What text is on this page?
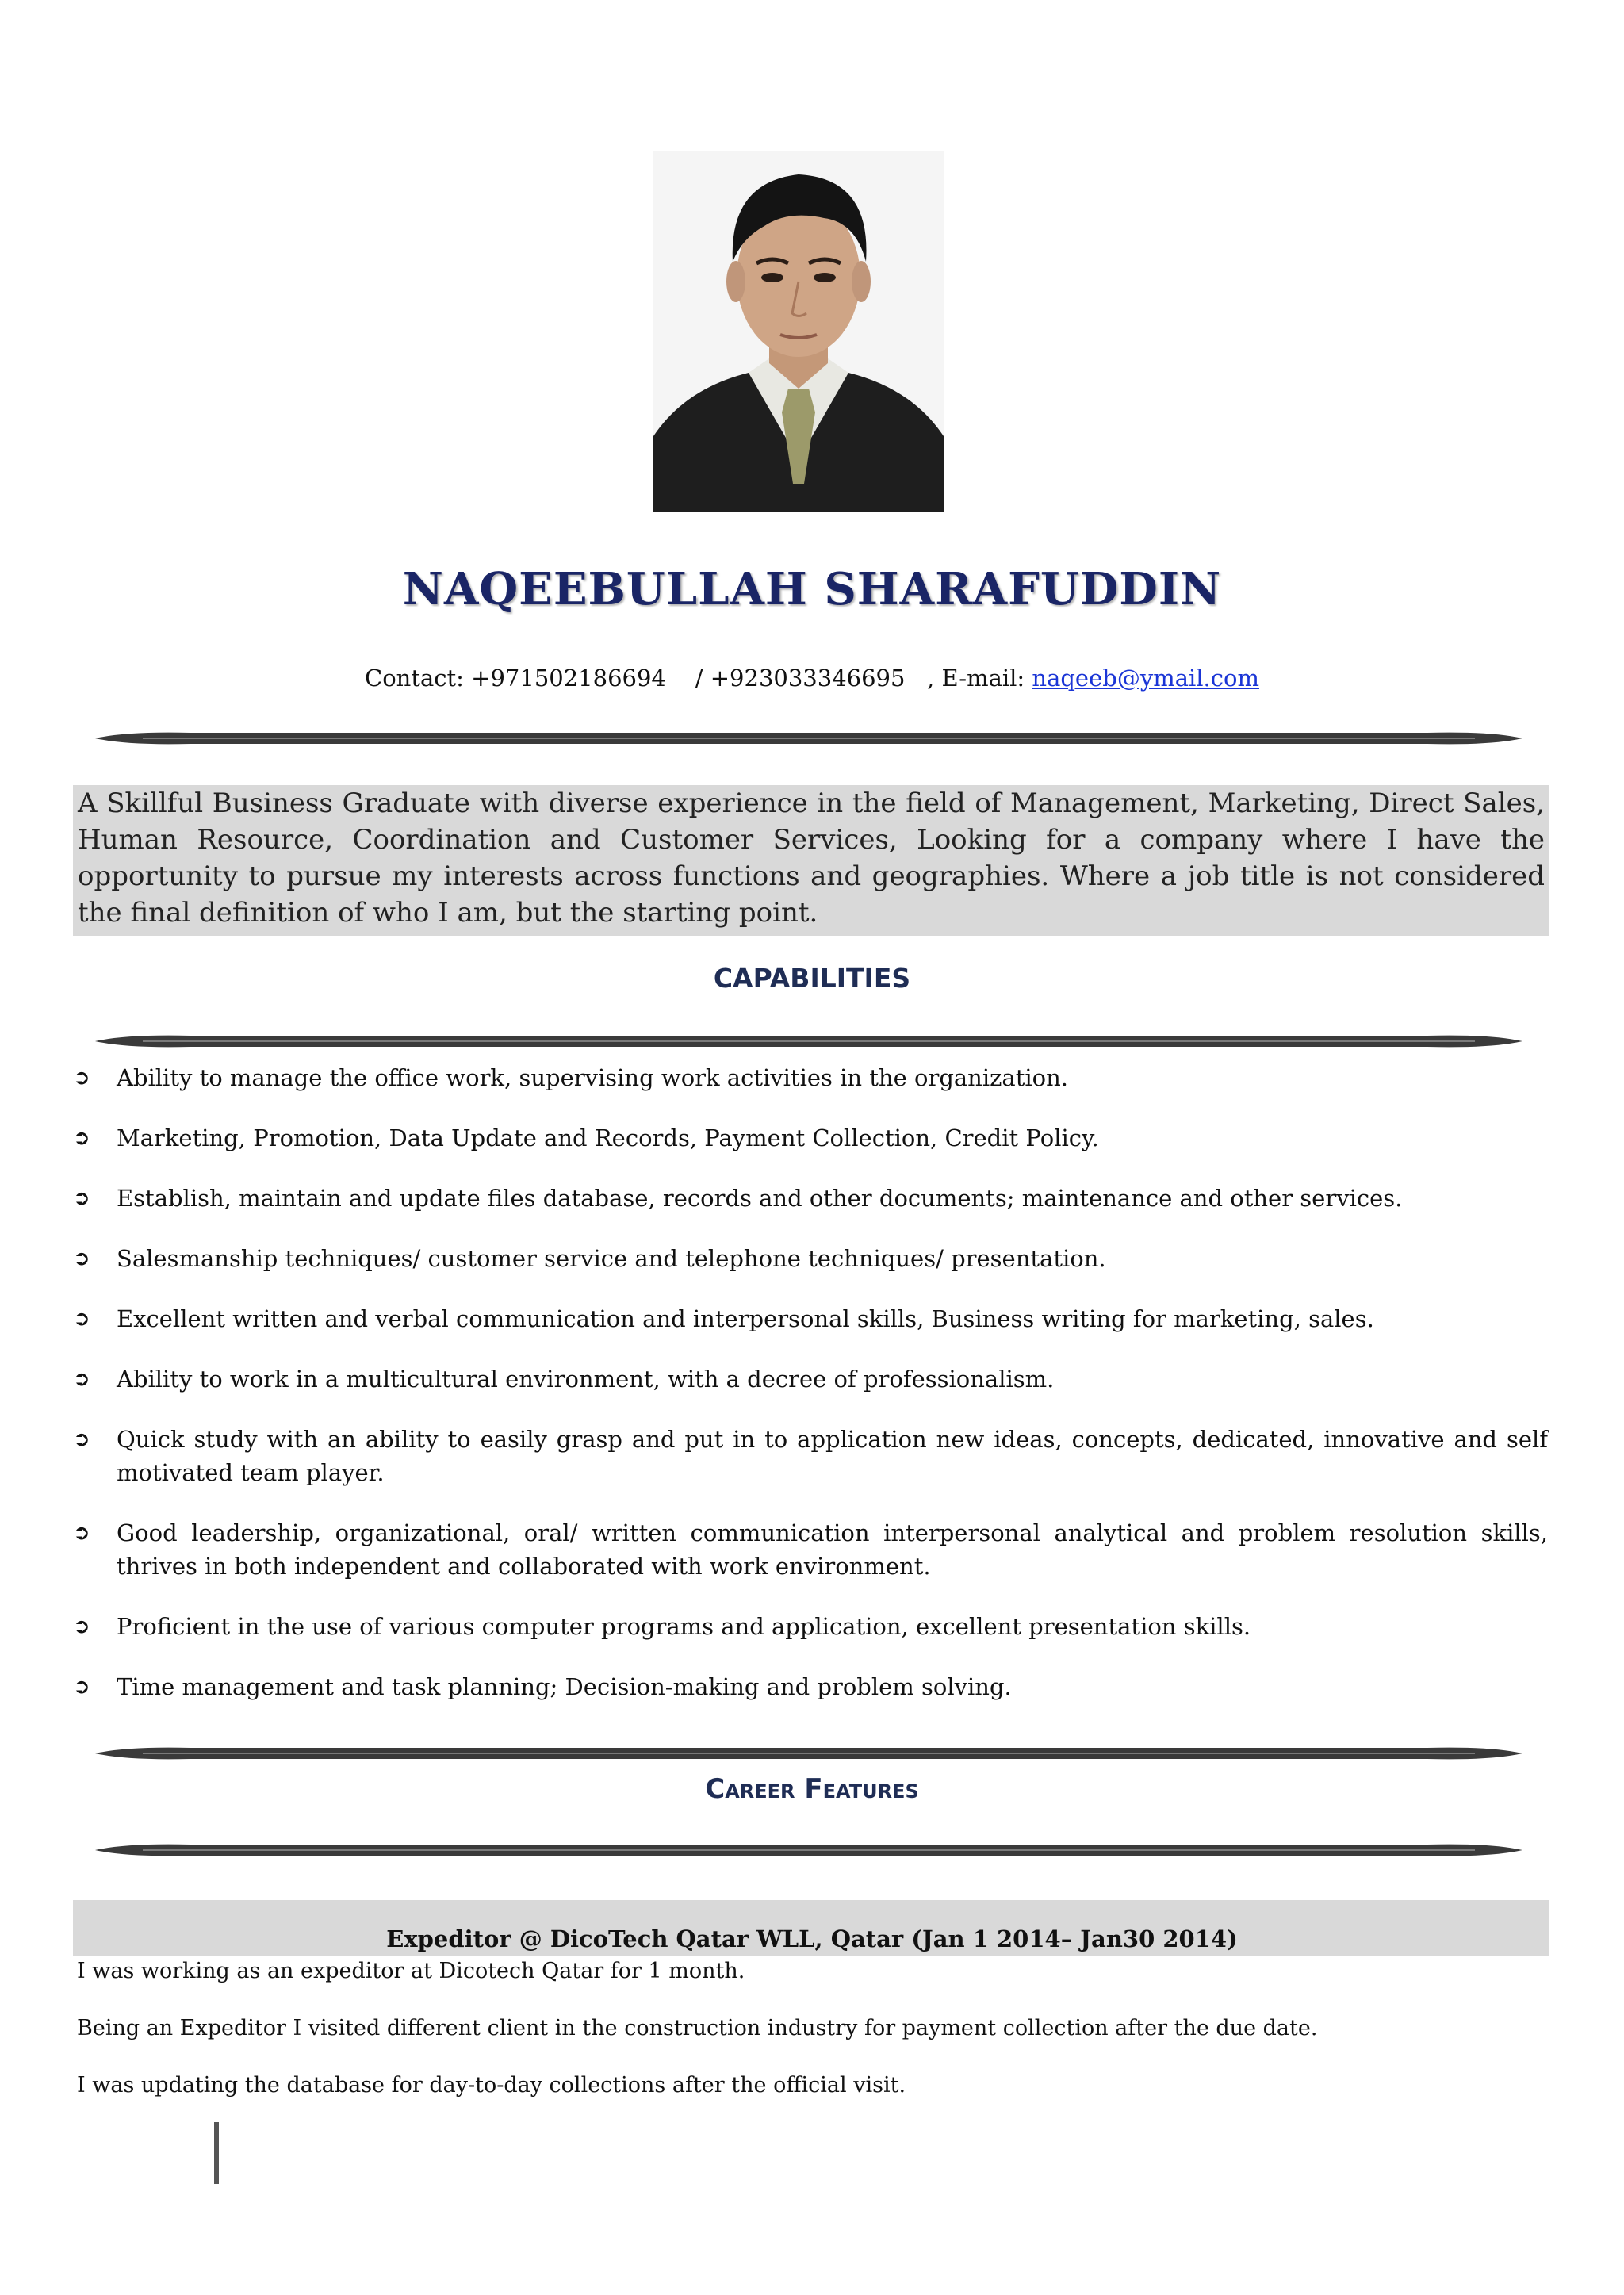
NAQEEBULLAH SHARAFUDDIN
Contact: +971502186694 / +923033346695 , E-mail: naqeeb@ymail.com
A Skillful Business Graduate with diverse experience in the field of Management, Marketing, Direct Sales, Human Resource, Coordination and Customer Services, Looking for a company where I have the opportunity to pursue my interests across functions and geographies. Where a job title is not considered the final definition of who I am, but the starting point.
CAPABILITIES
➲ Ability to manage the office work, supervising work activities in the organization.
➲ Marketing, Promotion, Data Update and Records, Payment Collection, Credit Policy.
➲ Establish, maintain and update files database, records and other documents; maintenance and other services.
➲ Salesmanship techniques/ customer service and telephone techniques/ presentation.
➲ Excellent written and verbal communication and interpersonal skills, Business writing for marketing, sales.
➲ Ability to work in a multicultural environment, with a decree of professionalism.
➲ Quick study with an ability to easily grasp and put in to application new ideas, concepts, dedicated, innovative and self motivated team player.
➲ Good leadership, organizational, oral/ written communication interpersonal analytical and problem resolution skills, thrives in both independent and collaborated with work environment.
➲ Proficient in the use of various computer programs and application, excellent presentation skills.
➲ Time management and task planning; Decision-making and problem solving.
Career Features
Expeditor @ DicoTech Qatar WLL, Qatar (Jan 1 2014– Jan30 2014)
I was working as an expeditor at Dicotech Qatar for 1 month.
Being an Expeditor I visited different client in the construction industry for payment collection after the due date.
I was updating the database for day-to-day collections after the official visit.
